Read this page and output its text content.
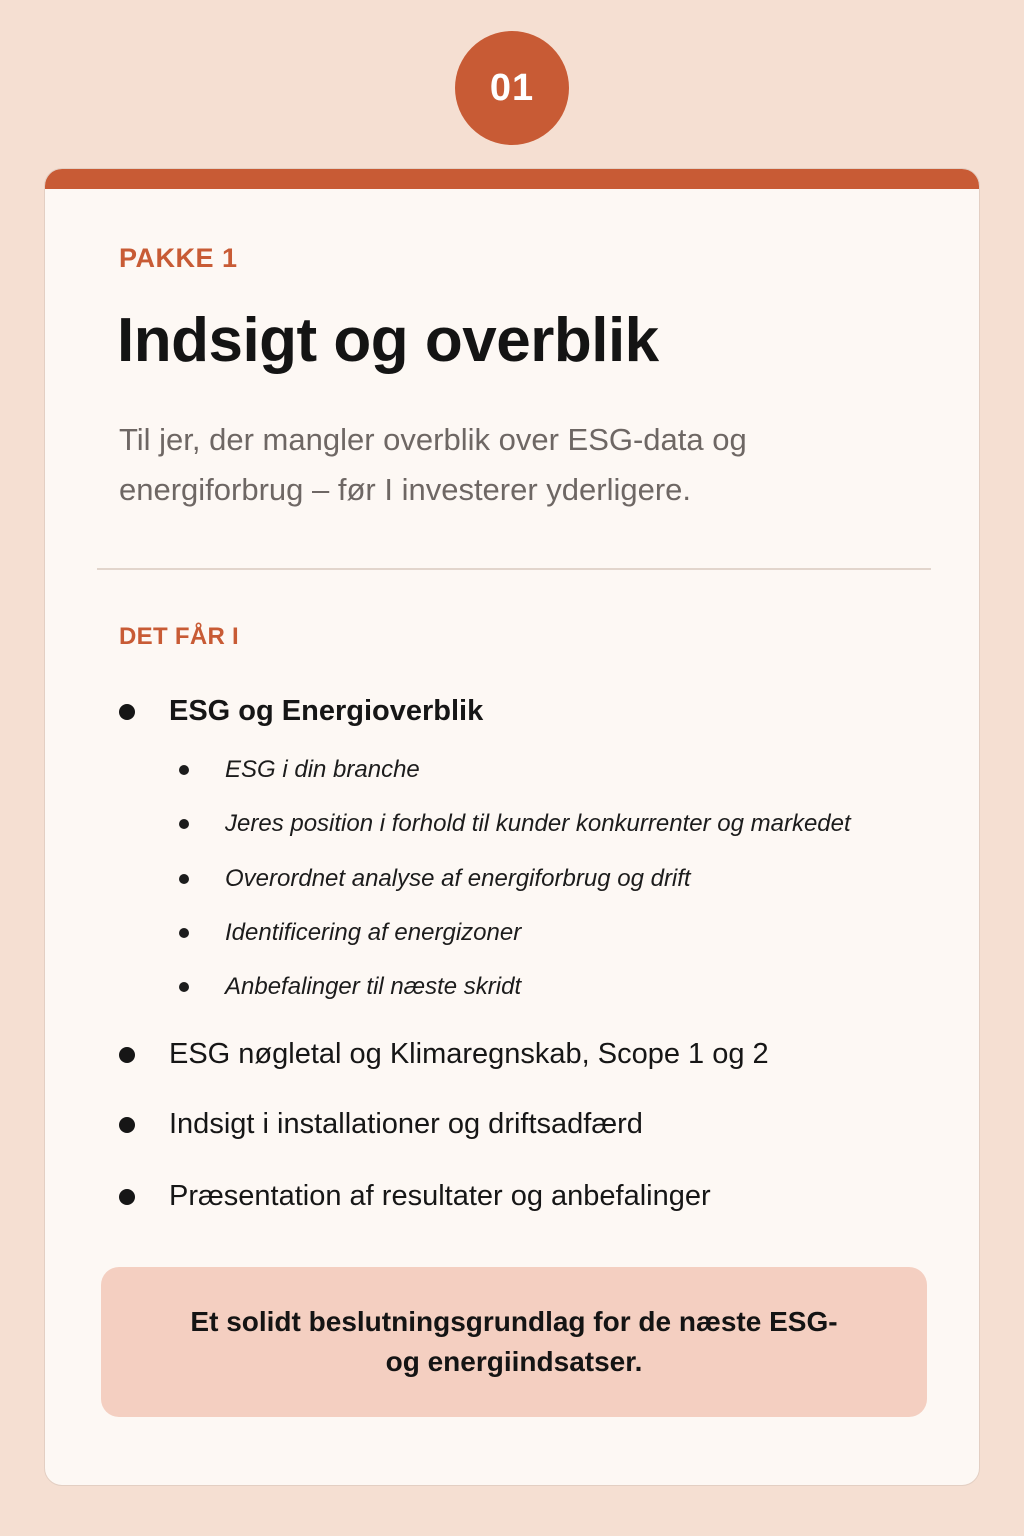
01
PAKKE 1
Indsigt og overblik
Til jer, der mangler overblik over ESG-data og energiforbrug – før I investerer yderligere.
DET FÅR I
ESG og Energioverblik
ESG i din branche
Jeres position i forhold til kunder konkurrenter og markedet
Overordnet analyse af energiforbrug og drift
Identificering af energizoner
Anbefalinger til næste skridt
ESG nøgletal og Klimaregnskab, Scope 1 og 2
Indsigt i installationer og driftsadfærd
Præsentation af resultater og anbefalinger
Et solidt beslutningsgrundlag for de næste ESG- og energiindsatser.
